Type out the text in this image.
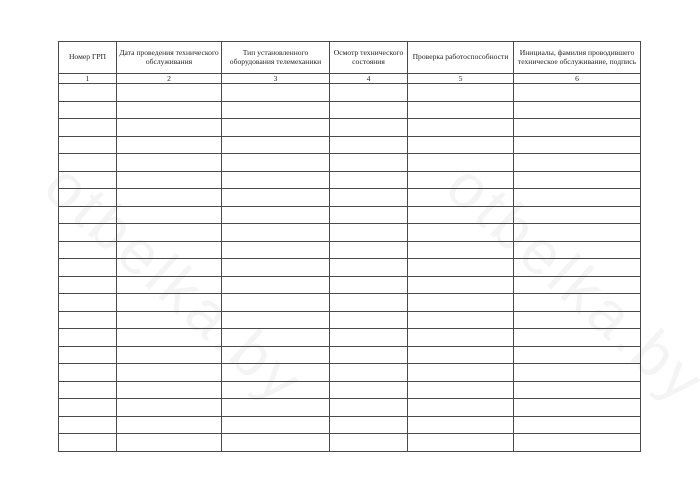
Номер ГРП	Дата проведения технического обслуживания	Тип установленного оборудования телемеханики	Осмотр технического состояния	Проверка работоспособности	Инициалы, фамилия проводившего техническое обслуживание, подпись
1	2	3	4	5	6
